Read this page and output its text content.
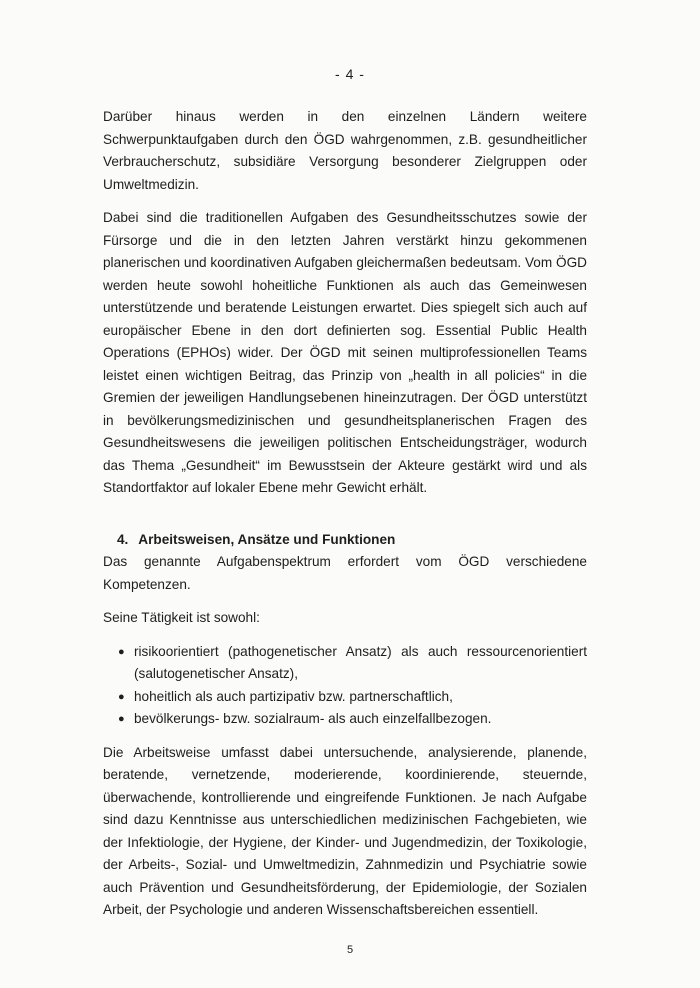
- 4 -

Darüber hinaus werden in den einzelnen Ländern weitere Schwerpunktaufgaben durch den ÖGD wahrgenommen, z.B. gesundheitlicher Verbraucherschutz, subsidiäre Versorgung besonderer Zielgruppen oder Umweltmedizin.

Dabei sind die traditionellen Aufgaben des Gesundheitsschutzes sowie der Fürsorge und die in den letzten Jahren verstärkt hinzu gekommenen planerischen und koordinativen Aufgaben gleichermaßen bedeutsam. Vom ÖGD werden heute sowohl hoheitliche Funktionen als auch das Gemeinwesen unterstützende und beratende Leistungen erwartet. Dies spiegelt sich auch auf europäischer Ebene in den dort definierten sog. Essential Public Health Operations (EPHOs) wider. Der ÖGD mit seinen multiprofessionellen Teams leistet einen wichtigen Beitrag, das Prinzip von „health in all policies“ in die Gremien der jeweiligen Handlungsebenen hineinzutragen. Der ÖGD unterstützt in bevölkerungsmedizinischen und gesundheitsplanerischen Fragen des Gesundheitswesens die jeweiligen politischen Entscheidungsträger, wodurch das Thema „Gesundheit“ im Bewusstsein der Akteure gestärkt wird und als Standortfaktor auf lokaler Ebene mehr Gewicht erhält.

4. Arbeitsweisen, Ansätze und Funktionen

Das genannte Aufgabenspektrum erfordert vom ÖGD verschiedene Kompetenzen.

Seine Tätigkeit ist sowohl:

● risikoorientiert (pathogenetischer Ansatz) als auch ressourcenorientiert (salutogenetischer Ansatz),
● hoheitlich als auch partizipativ bzw. partnerschaftlich,
● bevölkerungs- bzw. sozialraum- als auch einzelfallbezogen.

Die Arbeitsweise umfasst dabei untersuchende, analysierende, planende, beratende, vernetzende, moderierende, koordinierende, steuernde, überwachende, kontrollierende und eingreifende Funktionen. Je nach Aufgabe sind dazu Kenntnisse aus unterschiedlichen medizinischen Fachgebieten, wie der Infektiologie, der Hygiene, der Kinder- und Jugendmedizin, der Toxikologie, der Arbeits-, Sozial- und Umweltmedizin, Zahnmedizin und Psychiatrie sowie auch Prävention und Gesundheitsförderung, der Epidemiologie, der Sozialen Arbeit, der Psychologie und anderen Wissenschaftsbereichen essentiell.

5
